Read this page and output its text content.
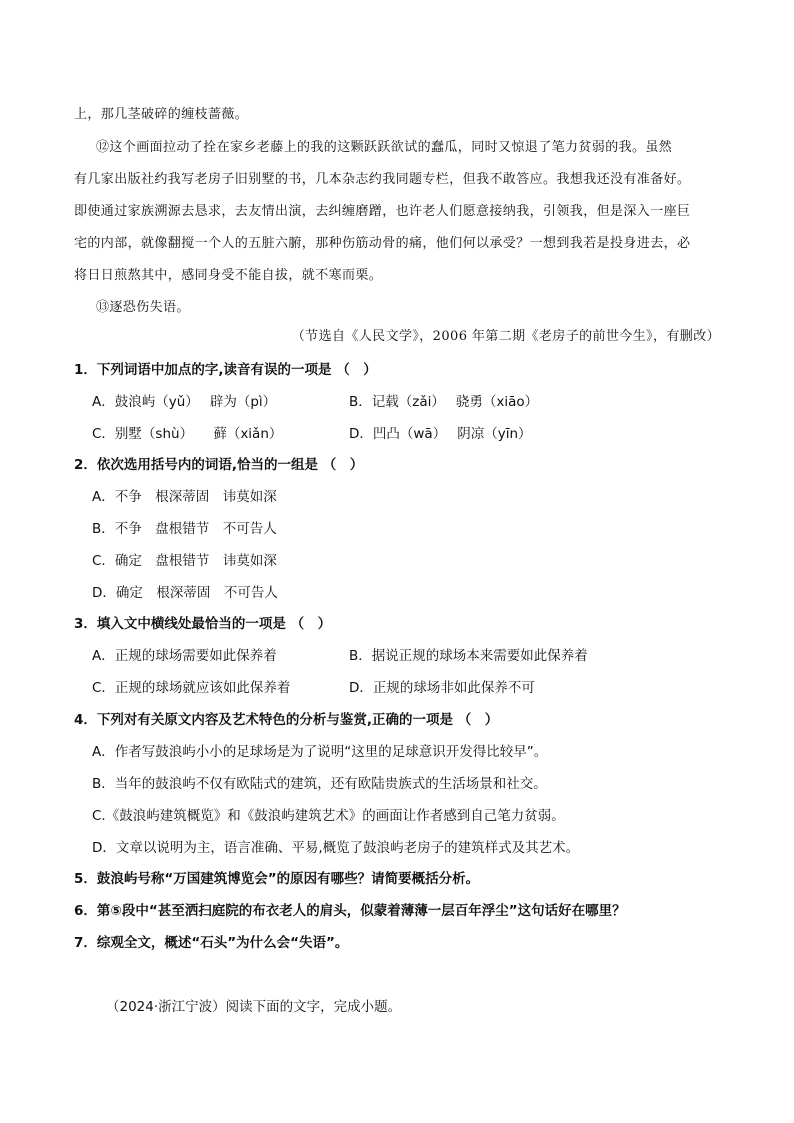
上，那几茎破碎的缠枝蔷薇。
⑫这个画面拉动了拴在家乡老藤上的我的这颗跃跃欲试的蠢瓜，同时又惊退了笔力贫弱的我。虽然
有几家出版社约我写老房子旧别墅的书，几本杂志约我同题专栏，但我不敢答应。我想我还没有准备好。
即使通过家族溯源去恳求，去友情出演，去纠缠磨蹭，也许老人们愿意接纳我，引领我，但是深入一座巨
宅的内部，就像翻搅一个人的五脏六腑，那种伤筋动骨的痛，他们何以承受？一想到我若是投身进去，必
将日日煎熬其中，感同身受不能自拔，就不寒而栗。
⑬逐恐伤失语。
（节选自《人民文学》，2006 年第二期《老房子的前世今生》，有删改）
1．下列词语中加点的字,读音有误的一项是 （　）
A．鼓浪屿（yǔ）　 辟为（pì）	B．记载（zǎi）　 骁勇（xiāo）
C．别墅（shù）　　藓（xiǎn）	D．凹凸（wā）　 阴凉（yīn）
2．依次选用括号内的词语,恰当的一组是 （　）
A．不争　根深蒂固　讳莫如深
B．不争　盘根错节　不可告人
C．确定　盘根错节　讳莫如深
D．确定　根深蒂固　不可告人
3．填入文中横线处最恰当的一项是 （　）
A．正规的球场需要如此保养着	B．据说正规的球场本来需要如此保养着
C．正规的球场就应该如此保养着	D．正规的球场非如此保养不可
4．下列对有关原文内容及艺术特色的分析与鉴赏,正确的一项是 （　）
A．作者写鼓浪屿小小的足球场是为了说明“这里的足球意识开发得比较早”。
B．当年的鼓浪屿不仅有欧陆式的建筑，还有欧陆贵族式的生活场景和社交。
C.《鼓浪屿建筑概览》和《鼓浪屿建筑艺术》的画面让作者感到自己笔力贫弱。
D．文章以说明为主，语言准确、平易,概览了鼓浪屿老房子的建筑样式及其艺术。
5．鼓浪屿号称“万国建筑博览会”的原因有哪些？请简要概括分析。
6．第⑤段中“甚至洒扫庭院的布衣老人的肩头，似蒙着薄薄一层百年浮尘”这句话好在哪里？
7．综观全文，概述“石头”为什么会“失语”。
（2024·浙江宁波）阅读下面的文字，完成小题。
